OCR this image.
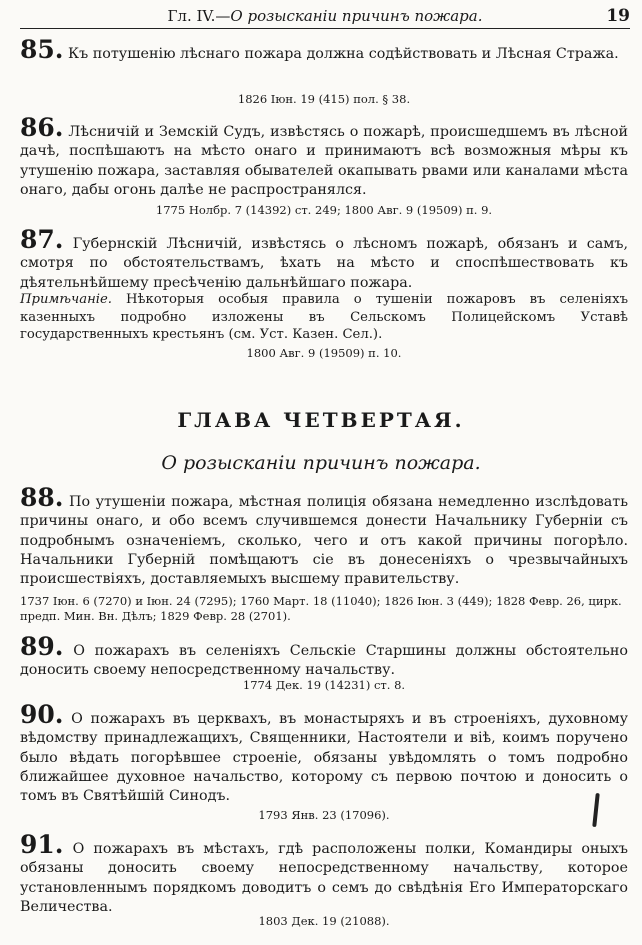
Гл. IV.—О розысканіи причинъ пожара.	19
85. Къ потушенію лѣснаго пожара должна содѣйствовать и Лѣсная Стража.
1826 Іюн. 19 (415) пол. § 38.
86. Лѣсничій и Земскій Судъ, извѣстясь о пожарѣ, происшедшемъ въ лѣсной дачѣ, поспѣшаютъ на мѣсто онаго и принимаютъ всѣ возможныя мѣры къ утушенію пожара, заставляя обывателей окапывать рвами или каналами мѣста онаго, дабы огонь далѣе не распространялся.
1775 Нолбр. 7 (14392) ст. 249; 1800 Авг. 9 (19509) п. 9.
87. Губернскій Лѣсничій, извѣстясь о лѣсномъ пожарѣ, обязанъ и самъ, смотря по обстоятельствамъ, ѣхать на мѣсто и споспѣшествовать къ дѣятельнѣйшему пресѣченію дальнѣйшаго пожара.
Примѣчаніе. Нѣкоторыя особыя правила о тушеніи пожаровъ въ селеніяхъ казенныхъ подробно изложены въ Сельскомъ Полицейскомъ Уставѣ государственныхъ крестьянъ (см. Уст. Казен. Сел.).
1800 Авг. 9 (19509) п. 10.
ГЛАВА ЧЕТВЕРТАЯ.
О розысканіи причинъ пожара.
88. По утушеніи пожара, мѣстная полиція обязана немедленно изслѣдовать причины онаго, и обо всемъ случившемся донести Начальнику Губерніи съ подробнымъ означеніемъ, сколько, чего и отъ какой причины погорѣло. Начальники Губерній помѣщаютъ сіе въ донесеніяхъ о чрезвычайныхъ происшествіяхъ, доставляемыхъ высшему правительству.
1737 Іюн. 6 (7270) и Іюн. 24 (7295); 1760 Март. 18 (11040); 1826 Іюн. 3 (449); 1828 Февр. 26, цирк.
предп. Мин. Вн. Дѣлъ; 1829 Февр. 28 (2701).
89. О пожарахъ въ селеніяхъ Сельскіе Старшины должны обстоятельно доносить своему непосредственному начальству.
1774 Дек. 19 (14231) ст. 8.
90. О пожарахъ въ церквахъ, въ монастыряхъ и въ строеніяхъ, духовному вѣдомству принадлежащихъ, Священники, Настоятели и віѣ, коимъ поручено было вѣдать погорѣвшее строеніе, обязаны увѣдомлять о томъ подробно ближайшее духовное начальство, которому съ первою почтою и доносить о томъ въ Святѣйшій Синодъ.
1793 Янв. 23 (17096).
91. О пожарахъ въ мѣстахъ, гдѣ расположены полки, Командиры оныхъ обязаны доносить своему непосредственному начальству, которое установленнымъ порядкомъ доводитъ о семъ до свѣдѣнія Его Императорскаго Величества.
1803 Дек. 19 (21088).
